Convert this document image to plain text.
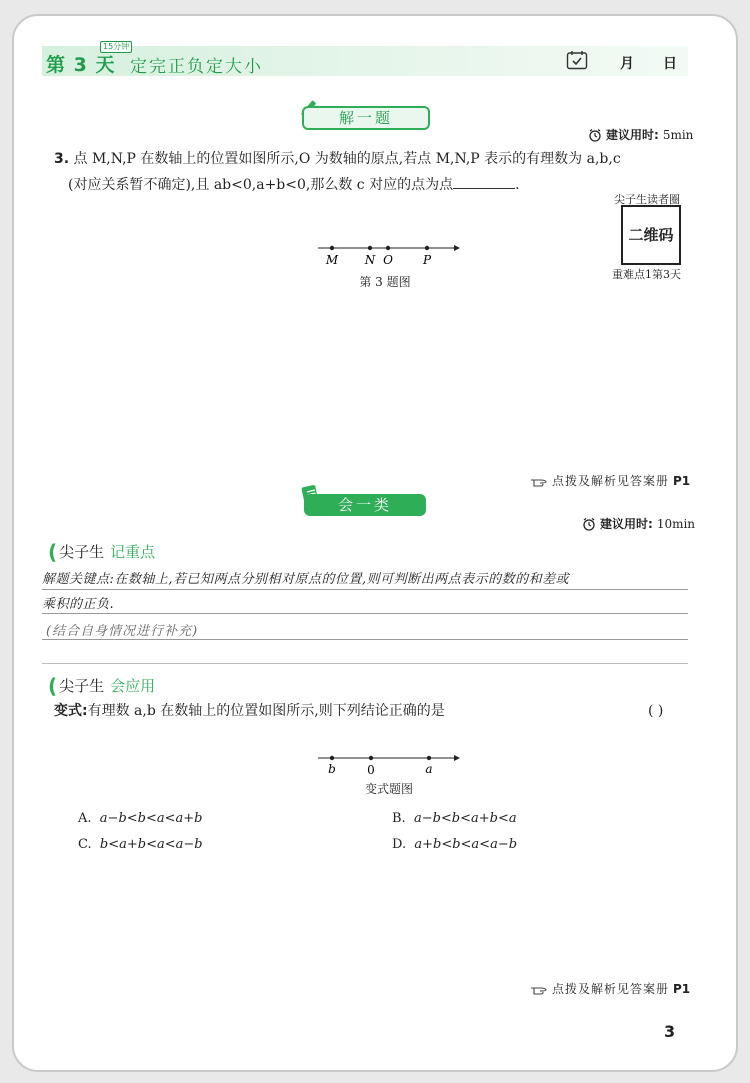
第 3 天
15分钟
定完正负定大小	月 日
解一题
建议用时: 5min
3. 点 M,N,P 在数轴上的位置如图所示,O 为数轴的原点,若点 M,N,P 表示的有理数为 a,b,c
(对应关系暂不确定),且 ab<0,a+b<0,那么数 c 对应的点为点	.
尖子生读者圈
二维码
重难点1第3天
M N O	P
第 3 题图
点拨及解析见答案册 P1
会一类
建议用时: 10min
( 尖子生 记重点
解题关键点:在数轴上,若已知两点分别相对原点的位置,则可判断出两点表示的数的和差或
乘积的正负.
(结合自身情况进行补充)
( 尖子生 会应用
变式:有理数 a,b 在数轴上的位置如图所示,则下列结论正确的是	( )
b	0	a
变式题图
A. a−b<b<a<a+b	B. a−b<b<a+b<a
C. b<a+b<a<a−b	D. a+b<b<a<a−b
点拨及解析见答案册 P1
3
